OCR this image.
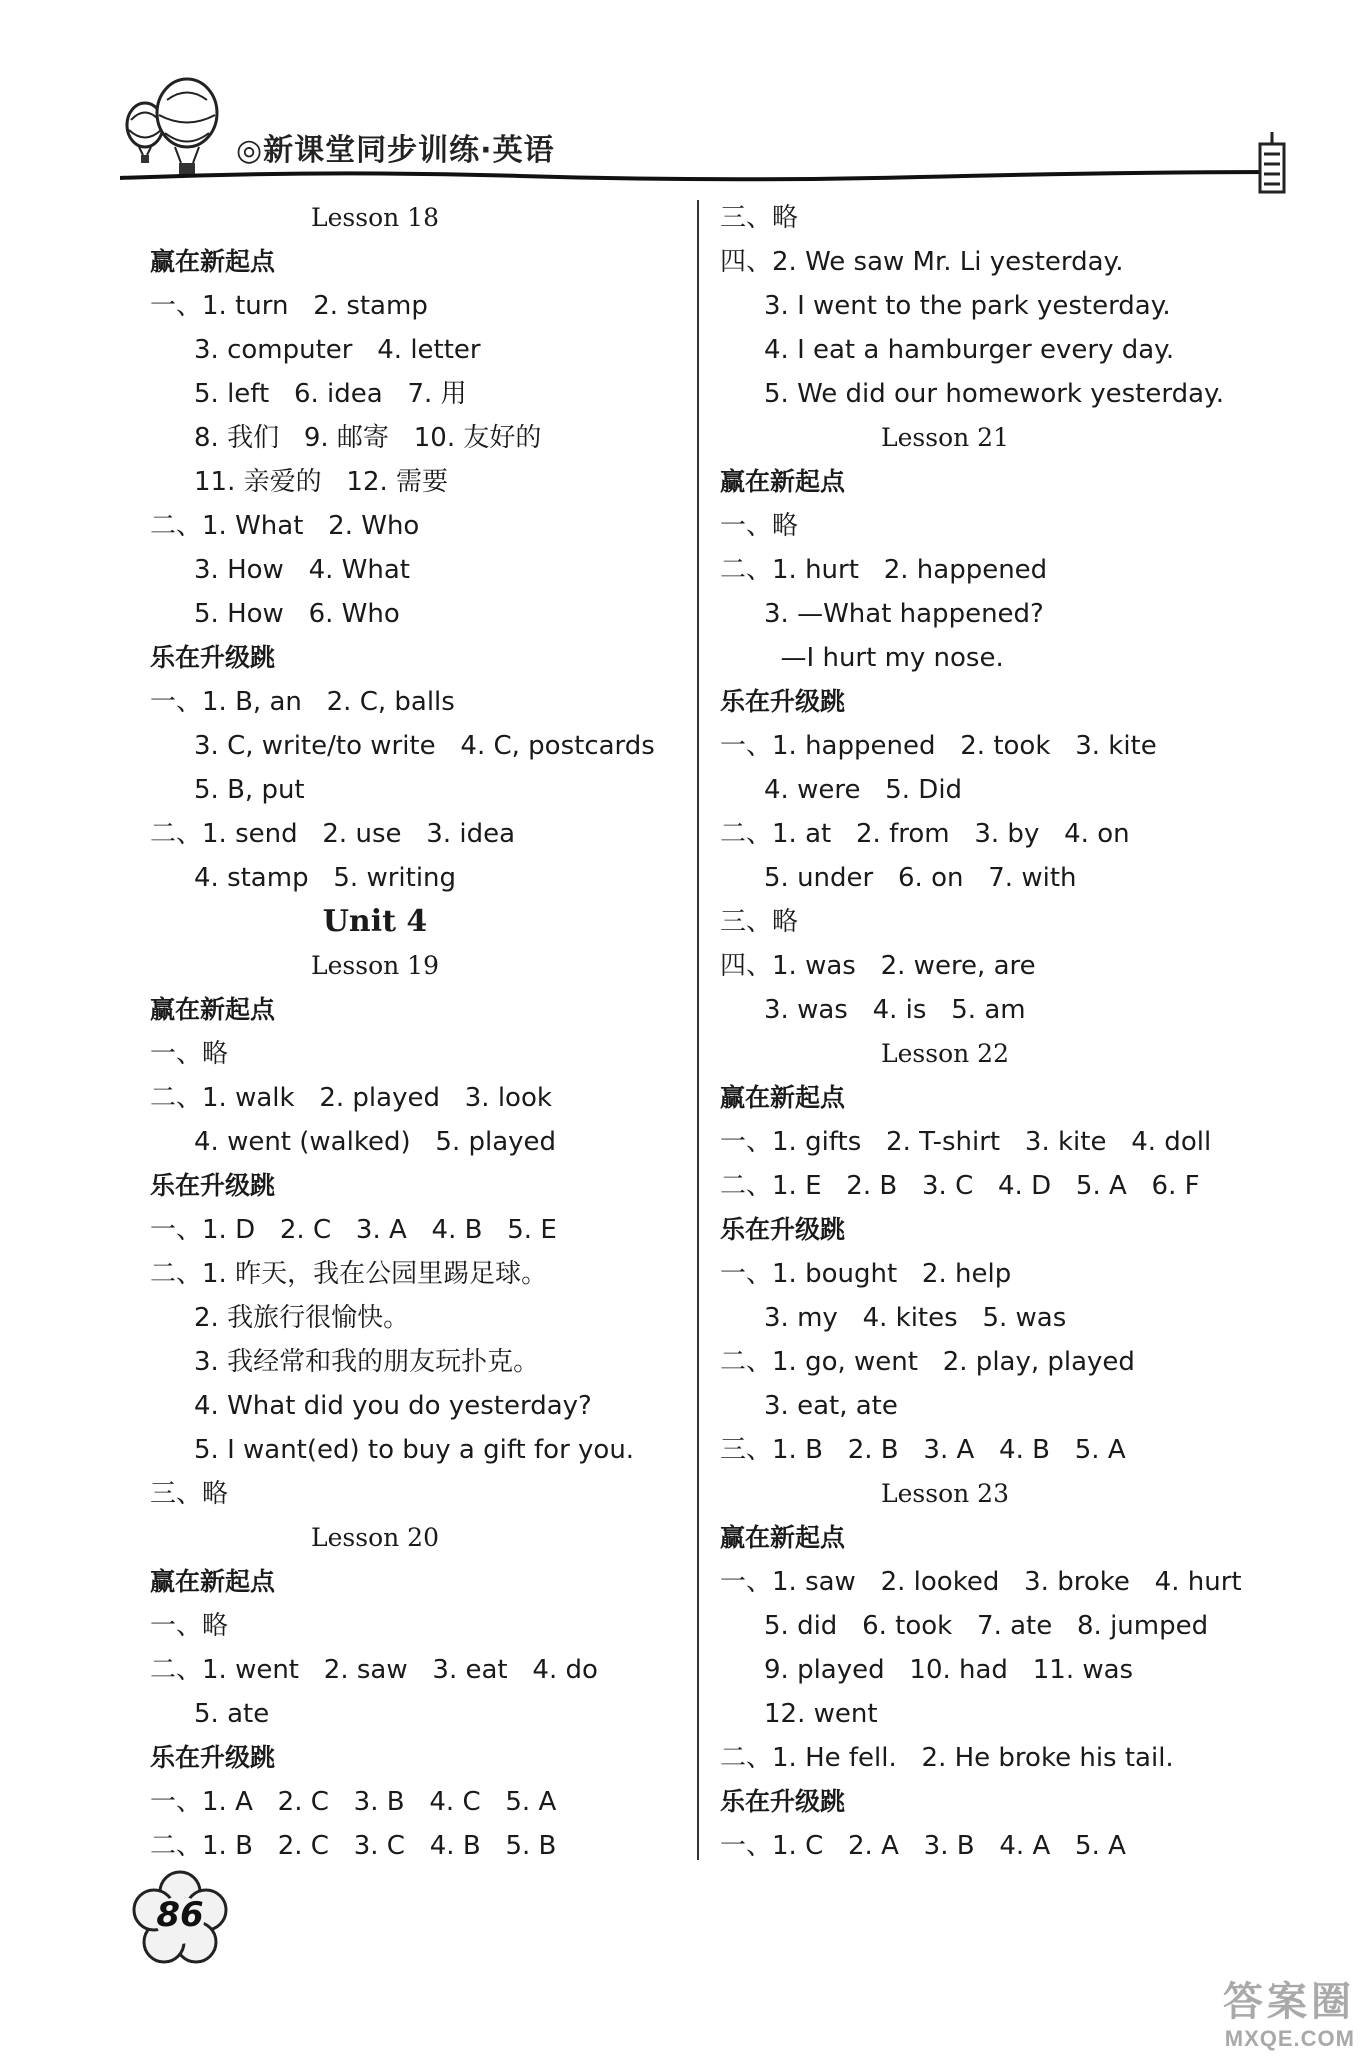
◎新课堂同步训练·英语
Lesson 18
赢在新起点
一、1. turn   2. stamp
3. computer   4. letter
5. left   6. idea   7. 用
8. 我们   9. 邮寄   10. 友好的
11. 亲爱的   12. 需要
二、1. What   2. Who
3. How   4. What
5. How   6. Who
乐在升级跳
一、1. B, an   2. C, balls
3. C, write/to write   4. C, postcards
5. B, put
二、1. send   2. use   3. idea
4. stamp   5. writing
Unit 4
Lesson 19
赢在新起点
一、略
二、1. walk   2. played   3. look
4. went (walked)   5. played
乐在升级跳
一、1. D   2. C   3. A   4. B   5. E
二、1. 昨天，我在公园里踢足球。
2. 我旅行很愉快。
3. 我经常和我的朋友玩扑克。
4. What did you do yesterday?
5. I want(ed) to buy a gift for you.
三、略
Lesson 20
赢在新起点
一、略
二、1. went   2. saw   3. eat   4. do
5. ate
乐在升级跳
一、1. A   2. C   3. B   4. C   5. A
二、1. B   2. C   3. C   4. B   5. B
三、略
四、2. We saw Mr. Li yesterday.
3. I went to the park yesterday.
4. I eat a hamburger every day.
5. We did our homework yesterday.
Lesson 21
赢在新起点
一、略
二、1. hurt   2. happened
3. —What happened?
—I hurt my nose.
乐在升级跳
一、1. happened   2. took   3. kite
4. were   5. Did
二、1. at   2. from   3. by   4. on
5. under   6. on   7. with
三、略
四、1. was   2. were, are
3. was   4. is   5. am
Lesson 22
赢在新起点
一、1. gifts   2. T-shirt   3. kite   4. doll
二、1. E   2. B   3. C   4. D   5. A   6. F
乐在升级跳
一、1. bought   2. help
3. my   4. kites   5. was
二、1. go, went   2. play, played
3. eat, ate
三、1. B   2. B   3. A   4. B   5. A
Lesson 23
赢在新起点
一、1. saw   2. looked   3. broke   4. hurt
5. did   6. took   7. ate   8. jumped
9. played   10. had   11. was
12. went
二、1. He fell.   2. He broke his tail.
乐在升级跳
一、1. C   2. A   3. B   4. A   5. A
86
答案圈
MXQE.COM
